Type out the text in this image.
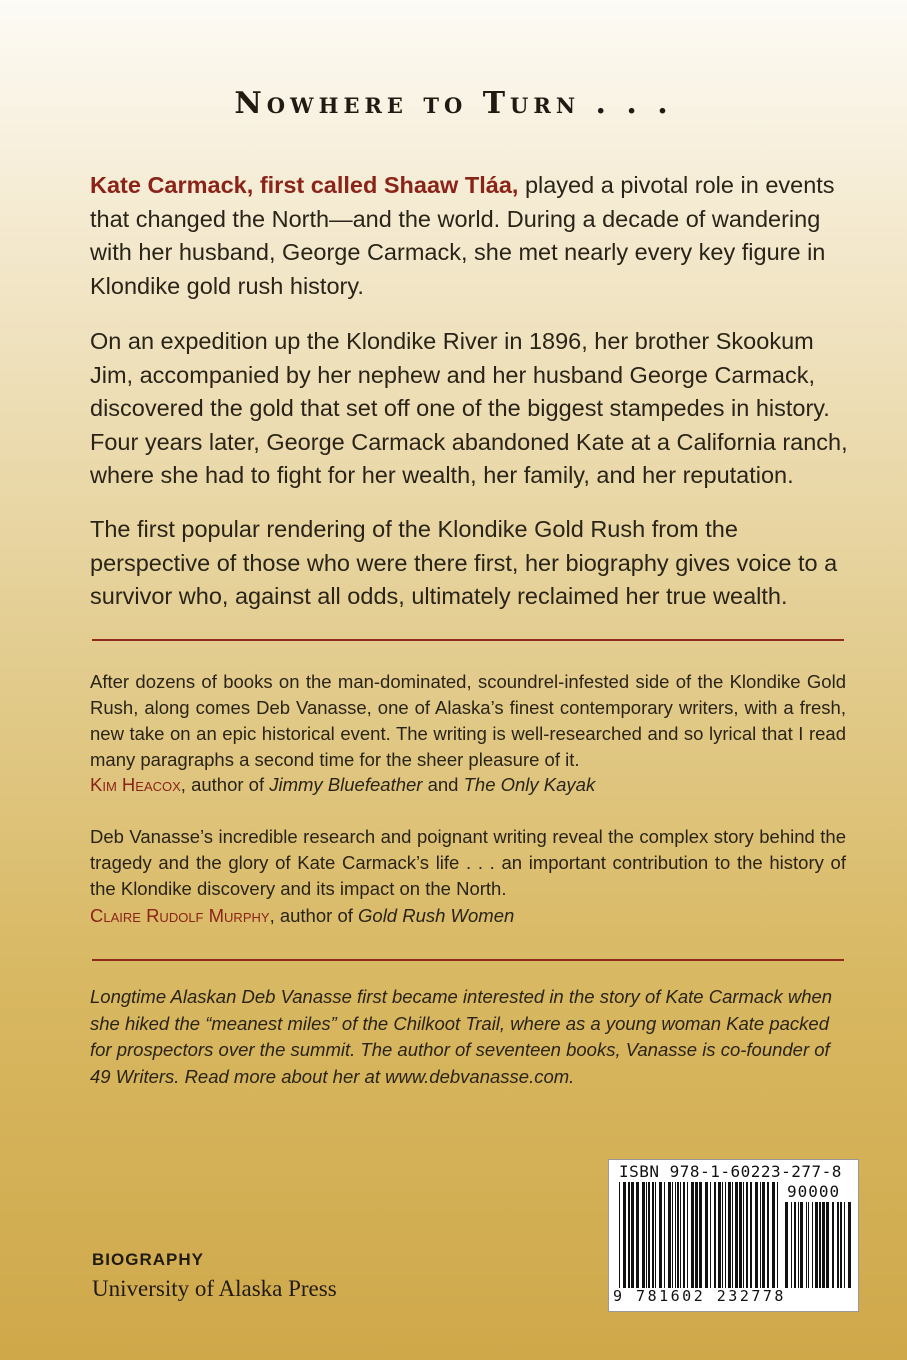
Nowhere to Turn . . .
Kate Carmack, first called Shaaw Tláa, played a pivotal role in events that changed the North—and the world. During a decade of wandering with her husband, George Carmack, she met nearly every key figure in Klondike gold rush history.
On an expedition up the Klondike River in 1896, her brother Skookum Jim, accompanied by her nephew and her husband George Carmack, discovered the gold that set off one of the biggest stampedes in history. Four years later, George Carmack abandoned Kate at a California ranch, where she had to fight for her wealth, her family, and her reputation.
The first popular rendering of the Klondike Gold Rush from the perspective of those who were there first, her biography gives voice to a survivor who, against all odds, ultimately reclaimed her true wealth.
After dozens of books on the man-dominated, scoundrel-infested side of the Klondike Gold Rush, along comes Deb Vanasse, one of Alaska’s finest contemporary writers, with a fresh, new take on an epic historical event. The writing is well-researched and so lyrical that I read many paragraphs a second time for the sheer pleasure of it.
Kim Heacox, author of Jimmy Bluefeather and The Only Kayak
Deb Vanasse’s incredible research and poignant writing reveal the complex story behind the tragedy and the glory of Kate Carmack’s life . . . an important contribution to the history of the Klondike discovery and its impact on the North.
Claire Rudolf Murphy, author of Gold Rush Women
Longtime Alaskan Deb Vanasse first became interested in the story of Kate Carmack when she hiked the “meanest miles” of the Chilkoot Trail, where as a young woman Kate packed for prospectors over the summit. The author of seventeen books, Vanasse is co-founder of 49 Writers. Read more about her at www.debvanasse.com.
BIOGRAPHY
University of Alaska Press
ISBN 978-1-60223-277-8
90000
9 781602 232778
